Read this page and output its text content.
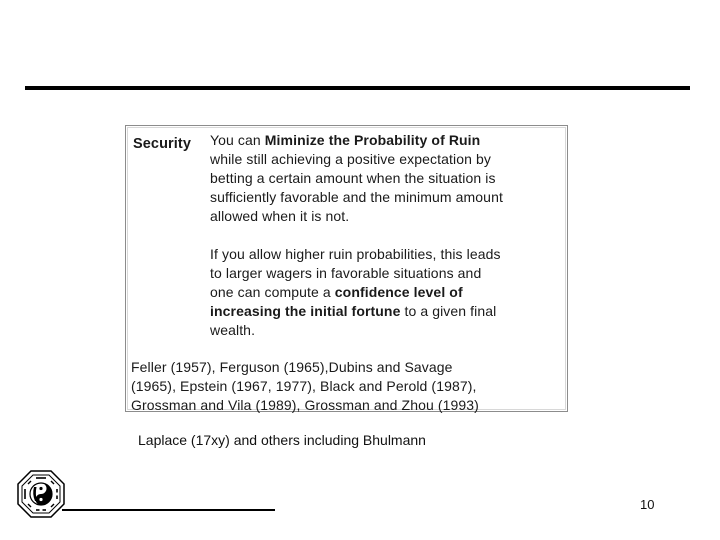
Security You can Miminize the Probability of Ruin

while still achieving a positive expectation by

betting a certain amount when the situation is

sufficiently favorable and the minimum amount

allowed when it is not.

If you allow higher ruin probabilities, this leads

to larger wagers in favorable situations and

one can compute a confidence level of

increasing the initial fortune to a given final

wealth.

Feller (1957), Ferguson (1965),Dubins and Savage

(1965), Epstein (1967, 1977), Black and Perold (1987),

Grossman and Vila (1989), Grossman and Zhou (1993)

Laplace (17xy) and others including Bhulmann
10
